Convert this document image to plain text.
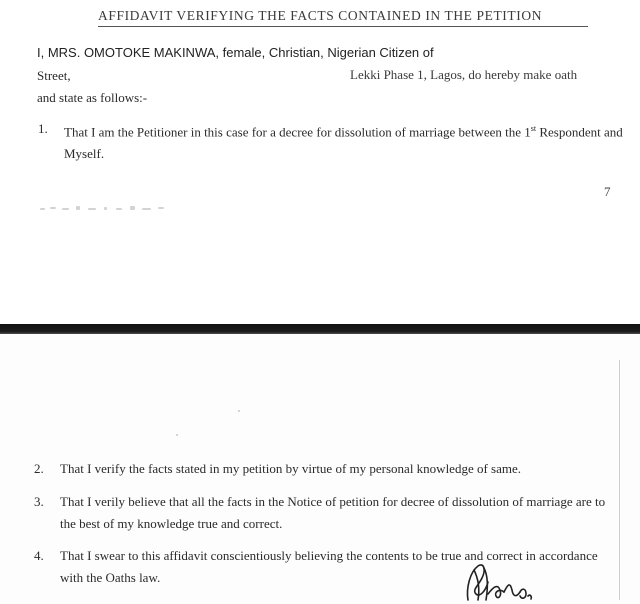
AFFIDAVIT VERIFYING THE FACTS CONTAINED IN THE PETITION
I, MRS. OMOTOKE MAKINWA, female, Christian, Nigerian Citizen of
Street,	Lekki Phase 1, Lagos, do hereby make oath
and state as follows:-
1. That I am the Petitioner in this case for a decree for dissolution of marriage between the 1st Respondent and Myself.
7
2. That I verify the facts stated in my petition by virtue of my personal knowledge of same.
3. That I verily believe that all the facts in the Notice of petition for decree of dissolution of marriage are to the best of my knowledge true and correct.
4. That I swear to this affidavit conscientiously believing the contents to be true and correct in accordance with the Oaths law.
